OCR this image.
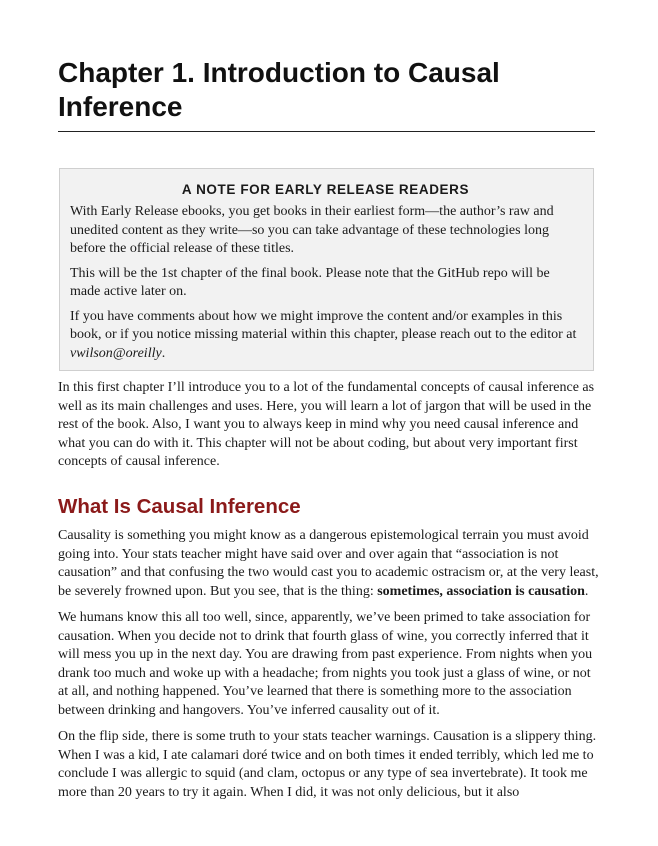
Chapter 1. Introduction to Causal Inference
A NOTE FOR EARLY RELEASE READERS

With Early Release ebooks, you get books in their earliest form—the author’s raw and unedited content as they write—so you can take advantage of these technologies long before the official release of these titles.

This will be the 1st chapter of the final book. Please note that the GitHub repo will be made active later on.

If you have comments about how we might improve the content and/or examples in this book, or if you notice missing material within this chapter, please reach out to the editor at vwilson@oreilly.

In this first chapter I’ll introduce you to a lot of the fundamental concepts of causal inference as well as its main challenges and uses. Here, you will learn a lot of jargon that will be used in the rest of the book. Also, I want you to always keep in mind why you need causal inference and what you can do with it. This chapter will not be about coding, but about very important first concepts of causal inference.

What Is Causal Inference

Causality is something you might know as a dangerous epistemological terrain you must avoid going into. Your stats teacher might have said over and over again that “association is not causation” and that confusing the two would cast you to academic ostracism or, at the very least, be severely frowned upon. But you see, that is the thing: sometimes, association is causation.

We humans know this all too well, since, apparently, we’ve been primed to take association for causation. When you decide not to drink that fourth glass of wine, you correctly inferred that it will mess you up in the next day. You are drawing from past experience. From nights when you drank too much and woke up with a headache; from nights you took just a glass of wine, or not at all, and nothing happened. You’ve learned that there is something more to the association between drinking and hangovers. You’ve inferred causality out of it.

On the flip side, there is some truth to your stats teacher warnings. Causation is a slippery thing. When I was a kid, I ate calamari doré twice and on both times it ended terribly, which led me to conclude I was allergic to squid (and clam, octopus or any type of sea invertebrate). It took me more than 20 years to try it again. When I did, it was not only delicious, but it also
